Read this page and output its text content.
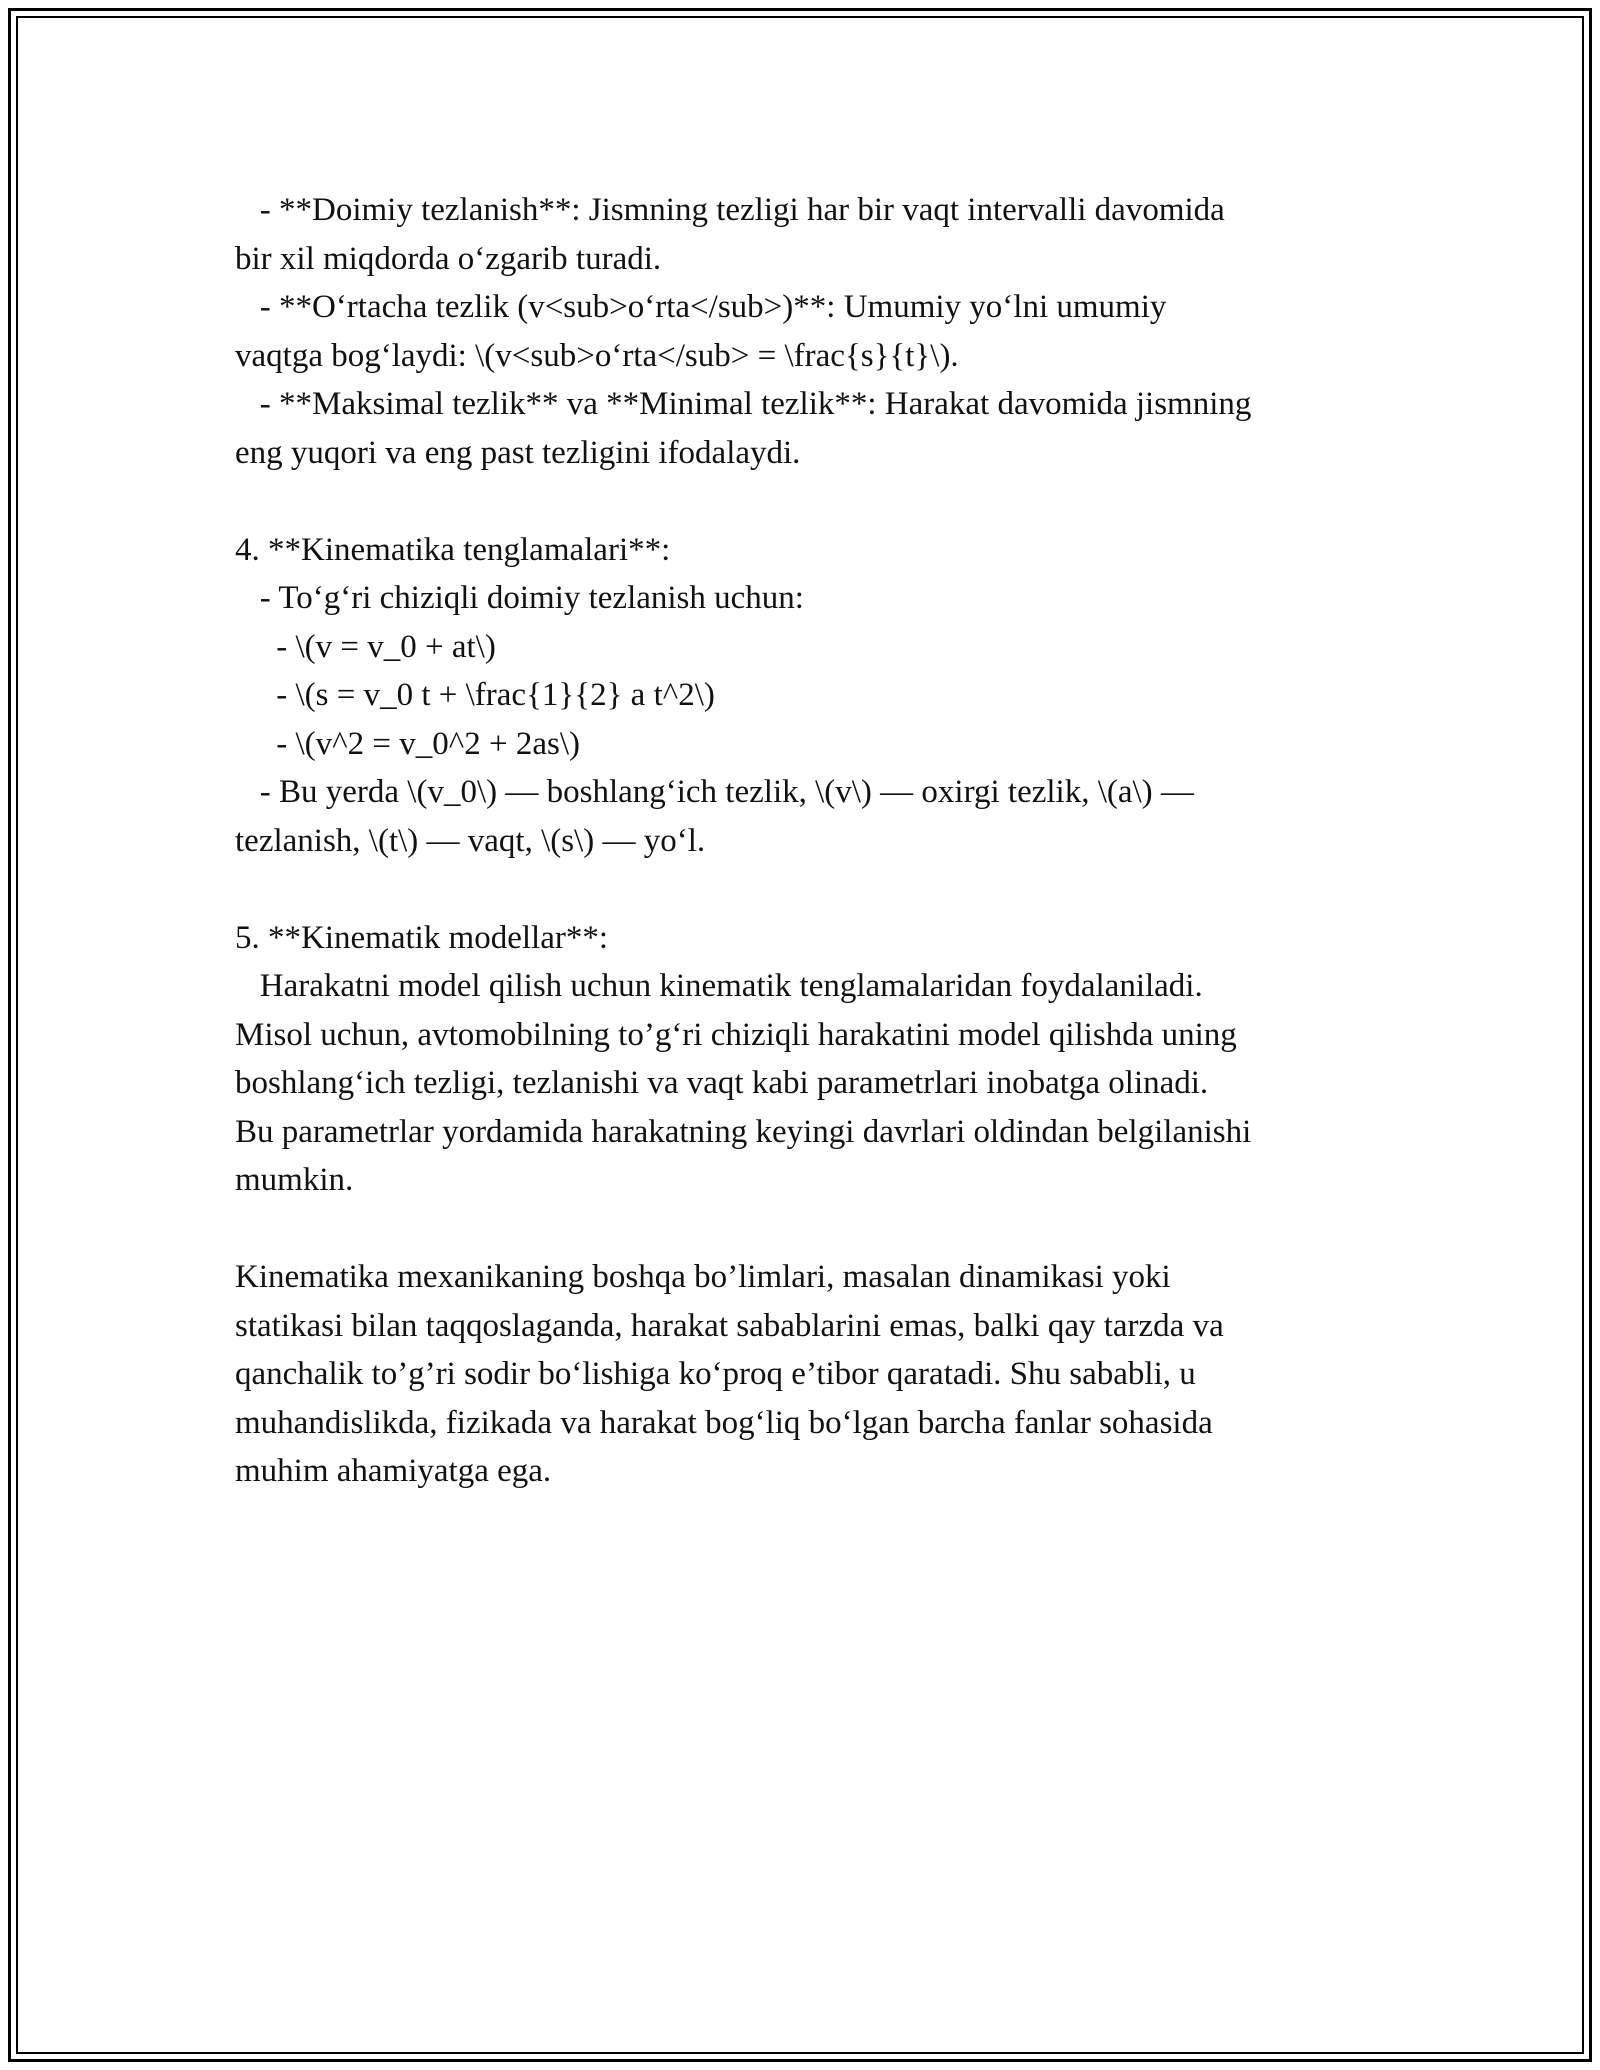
- **Doimiy tezlanish**: Jismning tezligi har bir vaqt intervalli davomida
bir xil miqdorda o‘zgarib turadi.
- **O‘rtacha tezlik (v<sub>o‘rta</sub>)**: Umumiy yo‘lni umumiy
vaqtga bog‘laydi: \(v<sub>o‘rta</sub> = \frac{s}{t}\).
- **Maksimal tezlik** va **Minimal tezlik**: Harakat davomida jismning
eng yuqori va eng past tezligini ifodalaydi.
4. **Kinematika tenglamalari**:
- To‘g‘ri chiziqli doimiy tezlanish uchun:
- \(v = v_0 + at\)
- \(s = v_0 t + \frac{1}{2} a t^2\)
- \(v^2 = v_0^2 + 2as\)
- Bu yerda \(v_0\) — boshlang‘ich tezlik, \(v\) — oxirgi tezlik, \(a\) —
tezlanish, \(t\) — vaqt, \(s\) — yo‘l.
5. **Kinematik modellar**:
Harakatni model qilish uchun kinematik tenglamalaridan foydalaniladi.
Misol uchun, avtomobilning to’g‘ri chiziqli harakatini model qilishda uning
boshlang‘ich tezligi, tezlanishi va vaqt kabi parametrlari inobatga olinadi.
Bu parametrlar yordamida harakatning keyingi davrlari oldindan belgilanishi
mumkin.
Kinematika mexanikaning boshqa bo’limlari, masalan dinamikasi yoki
statikasi bilan taqqoslaganda, harakat sabablarini emas, balki qay tarzda va
qanchalik to’g’ri sodir bo‘lishiga ko‘proq e’tibor qaratadi. Shu sababli, u
muhandislikda, fizikada va harakat bog‘liq bo‘lgan barcha fanlar sohasida
muhim ahamiyatga ega.
